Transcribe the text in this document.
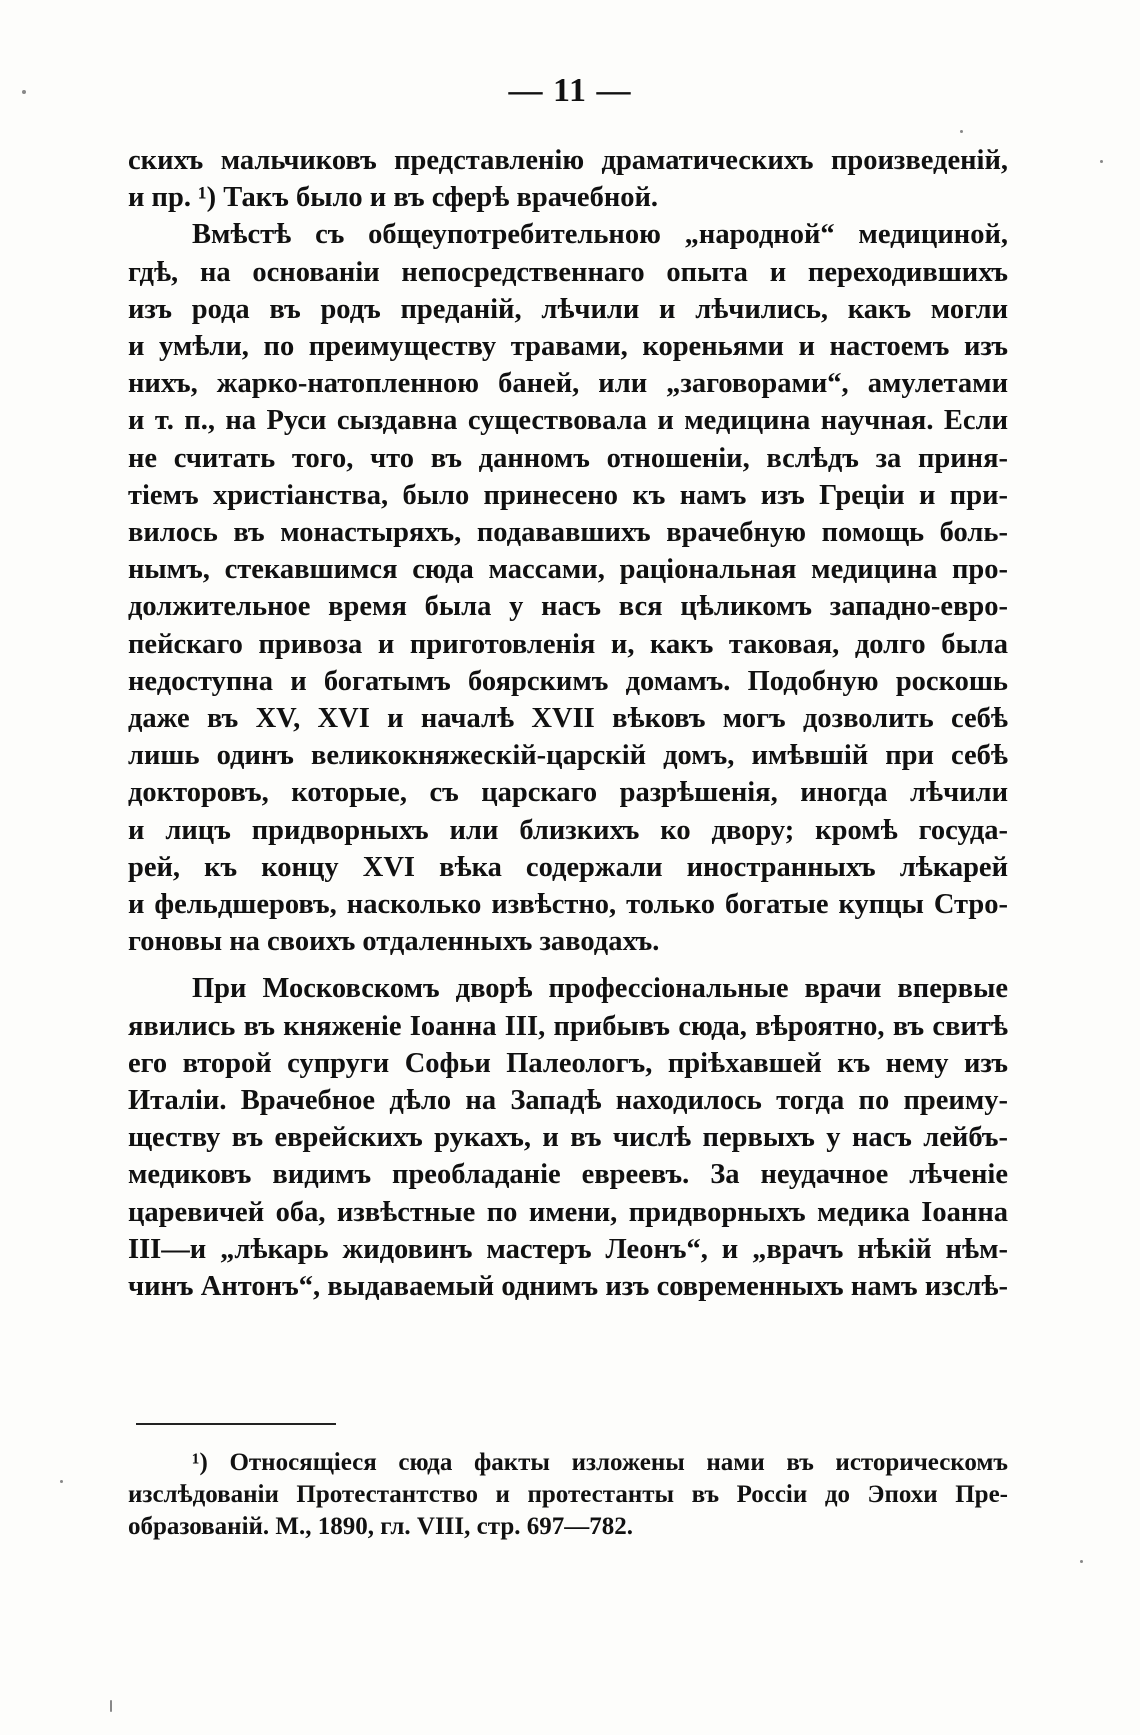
— 11 —
скихъ мальчиковъ представленію драматическихъ произведеній,
и пр. ¹) Такъ было и въ сферѣ врачебной.
Вмѣстѣ съ общеупотребительною „народной“ медициной,
гдѣ, на основаніи непосредственнаго опыта и переходившихъ
изъ рода въ родъ преданій, лѣчили и лѣчились, какъ могли
и умѣли, по преимуществу травами, кореньями и настоемъ изъ
нихъ, жарко-натопленною баней, или „заговорами“, амулетами
и т. п., на Руси сыздавна существовала и медицина научная. Если
не считать того, что въ данномъ отношеніи, вслѣдъ за приня-
тіемъ христіанства, было принесено къ намъ изъ Греціи и при-
вилось въ монастыряхъ, подававшихъ врачебную помощь боль-
нымъ, стекавшимся сюда массами, раціональная медицина про-
должительное время была у насъ вся цѣликомъ западно-евро-
пейскаго привоза и приготовленія и, какъ таковая, долго была
недоступна и богатымъ боярскимъ домамъ. Подобную роскошь
даже въ XV, XVI и началѣ XVII вѣковъ могъ дозволить себѣ
лишь одинъ великокняжескій-царскій домъ, имѣвшій при себѣ
докторовъ, которые, съ царскаго разрѣшенія, иногда лѣчили
и лицъ придворныхъ или близкихъ ко двору; кромѣ госуда-
рей, къ концу XVI вѣка содержали иностранныхъ лѣкарей
и фельдшеровъ, насколько извѣстно, только богатые купцы Стро-
гоновы на своихъ отдаленныхъ заводахъ.
При Московскомъ дворѣ профессіональные врачи впервые
явились въ княженіе Іоанна III, прибывъ сюда, вѣроятно, въ свитѣ
его второй супруги Софьи Палеологъ, пріѣхавшей къ нему изъ
Италіи. Врачебное дѣло на Западѣ находилось тогда по преиму-
ществу въ еврейскихъ рукахъ, и въ числѣ первыхъ у насъ лейбъ-
медиковъ видимъ преобладаніе евреевъ. За неудачное лѣченіе
царевичей оба, извѣстные по имени, придворныхъ медика Іоанна
III—и „лѣкарь жидовинъ мастеръ Леонъ“, и „врачъ нѣкій нѣм-
чинъ Антонъ“, выдаваемый однимъ изъ современныхъ намъ изслѣ-
¹) Относящіеся сюда факты изложены нами въ историческомъ
изслѣдованіи Протестантство и протестанты въ Россіи до Эпохи Пре-
образованій. М., 1890, гл. VIII, стр. 697—782.
